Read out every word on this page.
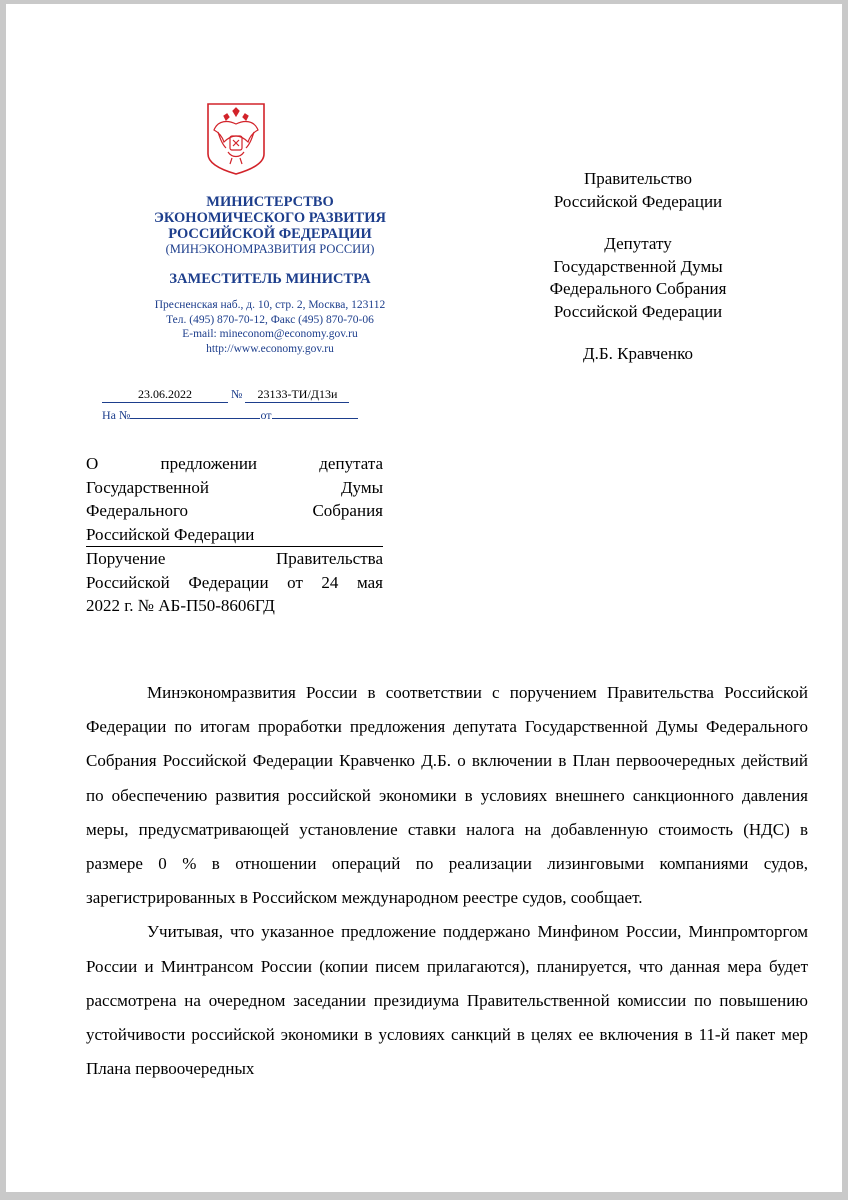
МИНИСТЕРСТВО
ЭКОНОМИЧЕСКОГО РАЗВИТИЯ
РОССИЙСКОЙ ФЕДЕРАЦИИ
(МИНЭКОНОМРАЗВИТИЯ РОССИИ)
ЗАМЕСТИТЕЛЬ МИНИСТРА
Пресненская наб., д. 10, стр. 2, Москва, 123112
Тел. (495) 870-70-12, Факс (495) 870-70-06
E-mail: mineconom@economy.gov.ru
http://www.economy.gov.ru
23.06.2022	№ 23133-ТИ/Д13и
На №	от
Правительство
Российской Федерации
Депутату
Государственной Думы
Федерального Собрания
Российской Федерации
Д.Б. Кравченко
О предложении депутата
Государственной Думы
Федерального Собрания
Российской Федерации
Поручение Правительства
Российской Федерации от 24 мая
2022 г. № АБ-П50-8606ГД

Минэкономразвития России в соответствии с поручением Правительства Российской Федерации по итогам проработки предложения депутата Государственной Думы Федерального Собрания Российской Федерации Кравченко Д.Б. о включении в План первоочередных действий по обеспечению развития российской экономики в условиях внешнего санкционного давления меры, предусматривающей установление ставки налога на добавленную стоимость (НДС) в размере 0 % в отношении операций по реализации лизинговыми компаниями судов, зарегистрированных в Российском международном реестре судов, сообщает.

Учитывая, что указанное предложение поддержано Минфином России, Минпромторгом России и Минтрансом России (копии писем прилагаются), планируется, что данная мера будет рассмотрена на очередном заседании президиума Правительственной комиссии по повышению устойчивости российской экономики в условиях санкций в целях ее включения в 11-й пакет мер Плана первоочередных
